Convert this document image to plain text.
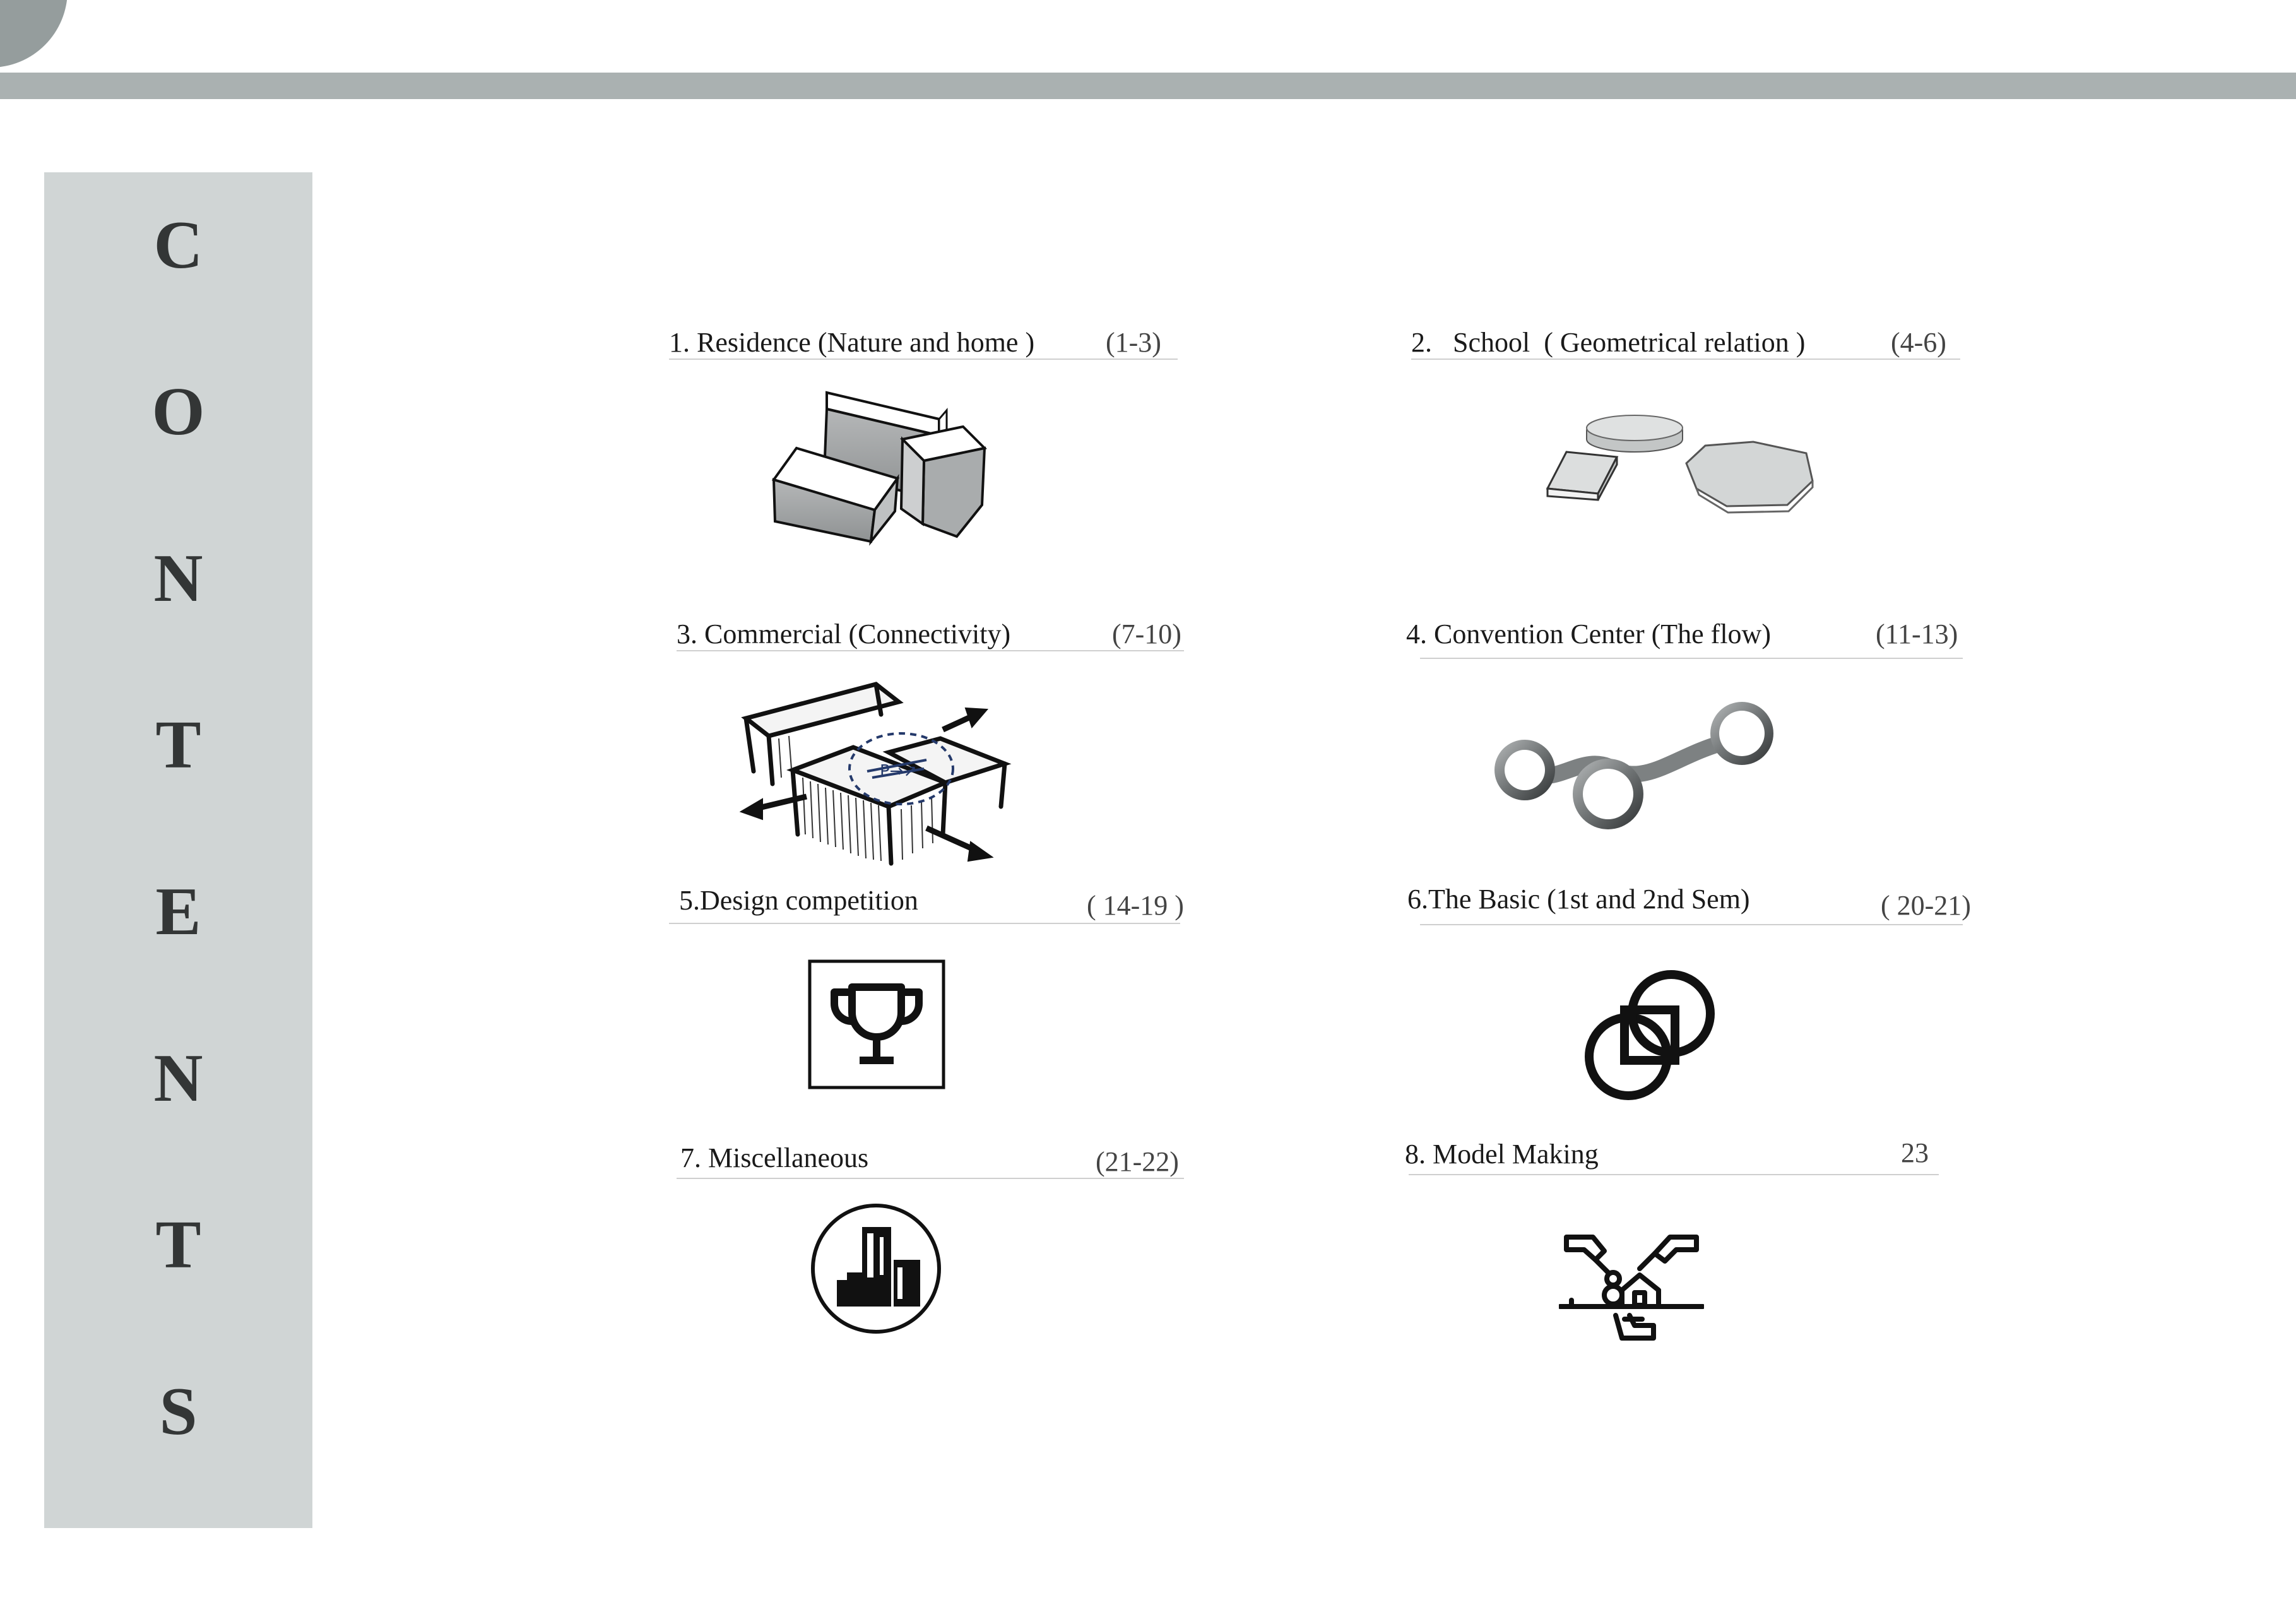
C
O
N
T
E
N
T
S
1. Residence (Nature and home )	(1-3)	2.   School  ( Geometrical relation )	(4-6)
3. Commercial (Connectivity)	(7-10)
P→↗
4. Convention Center (The flow)	(11-13)
5.Design competition	( 14-19 )	6.The Basic (1st and 2nd Sem)	( 20-21)
7. Miscellaneous	(21-22)	8. Model Making	23
